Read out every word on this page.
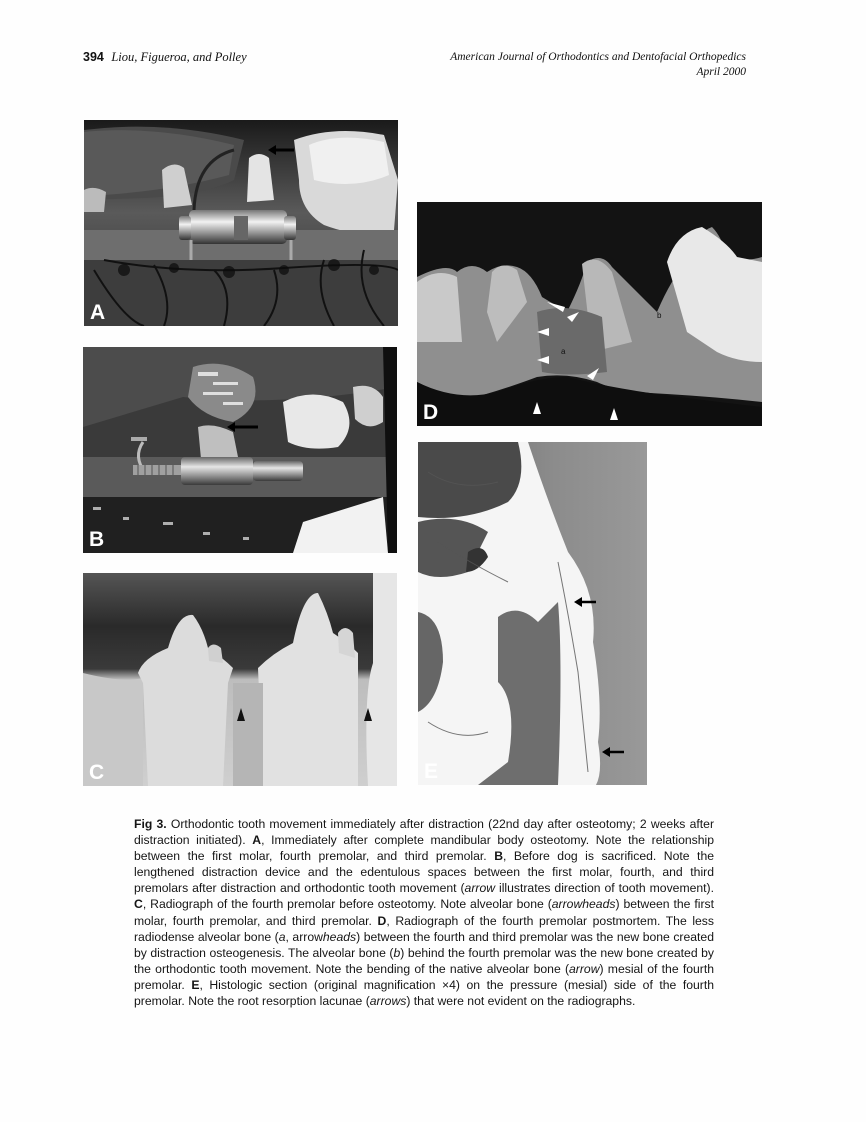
394 Liou, Figueroa, and Polley	American Journal of Orthodontics and Dentofacial Orthopedics
April 2000
A
B
C
a
b
D
E
Fig 3. Orthodontic tooth movement immediately after distraction (22nd day after osteotomy; 2 weeks after distraction initiated). A, Immediately after complete mandibular body osteotomy. Note the relationship between the first molar, fourth premolar, and third premolar. B, Before dog is sacrificed. Note the lengthened distraction device and the edentulous spaces between the first molar, fourth, and third premolars after distraction and orthodontic tooth movement (arrow illustrates direction of tooth movement). C, Radiograph of the fourth premolar before osteotomy. Note alveolar bone (arrowheads) between the first molar, fourth premolar, and third premolar. D, Radiograph of the fourth premolar postmortem. The less radiodense alveolar bone (a, arrowheads) between the fourth and third premolar was the new bone created by distraction osteogenesis. The alveolar bone (b) behind the fourth premolar was the new bone created by the orthodontic tooth movement. Note the bending of the native alveolar bone (arrow) mesial of the fourth premolar. E, Histologic section (original magnification ×4) on the pressure (mesial) side of the fourth premolar. Note the root resorption lacunae (arrows) that were not evident on the radiographs.
